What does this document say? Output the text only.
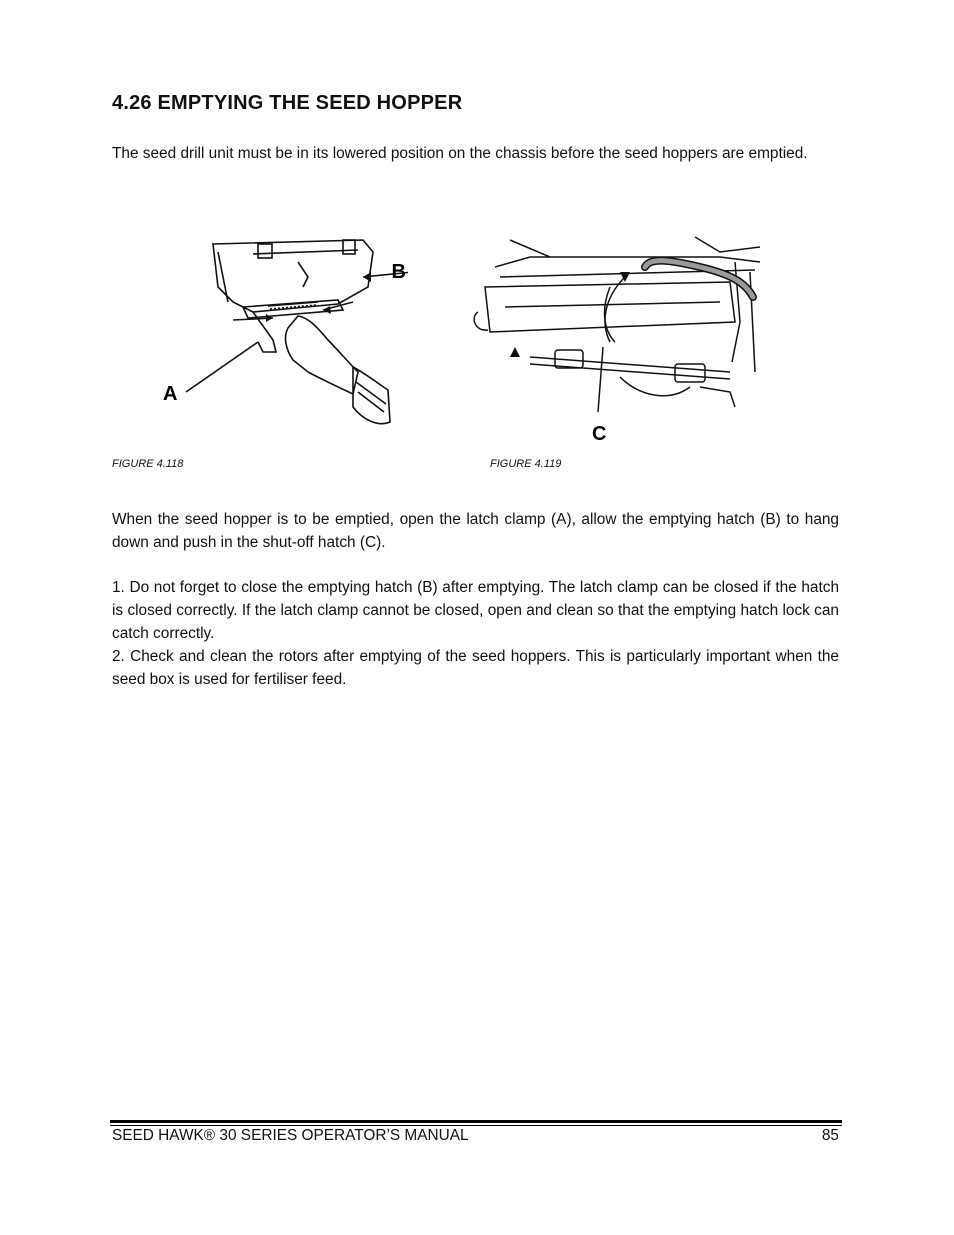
4.26 EMPTYING THE SEED HOPPER
The seed drill unit must be in its lowered position on the chassis before the seed hoppers are emptied.
B
A
C
FIGURE 4.118	FIGURE 4.119
When the seed hopper is to be emptied, open the latch clamp (A), allow the emptying hatch (B) to hang down and push in the shut-off hatch (C).
1. Do not forget to close the emptying hatch (B) after emptying. The latch clamp can be closed if the hatch is closed correctly. If the latch clamp cannot be closed, open and clean so that the emptying hatch lock can catch correctly.
2. Check and clean the rotors after emptying of the seed hoppers. This is particularly important when the seed box is used for fertiliser feed.
SEED HAWK® 30 SERIES OPERATOR’S MANUAL	85
